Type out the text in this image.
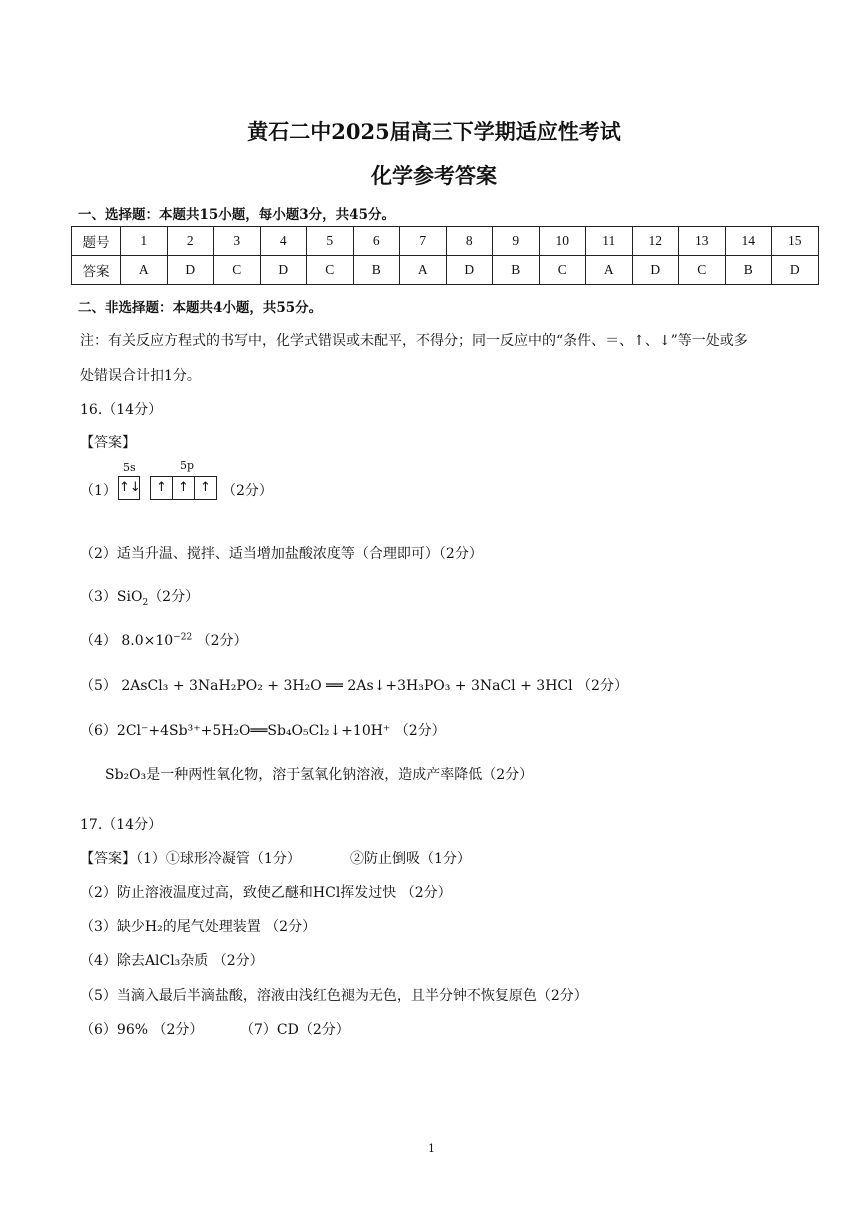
黄石二中2025届高三下学期适应性考试
化学参考答案
一、选择题：本题共15小题，每小题3分，共45分。
题号	1	2	3	4	5	6	7	8	9	10	11	12	13	14	15
答案	A	D	C	D	C	B	A	D	B	C	A	D	C	B	D
二、非选择题：本题共4小题，共55分。
注：有关反应方程式的书写中，化学式错误或未配平，不得分；同一反应中的“条件、＝、↑、↓”等一处或多
处错误合计扣1分。
16.（14分）
【答案】
（1）
5s	5p
↑↓	↑ ↑ ↑ （2分）
（2）适当升温、搅拌、适当增加盐酸浓度等（合理即可）（2分）
（3）SiO$_2$（2分）
（4） $8.0\times 10^{-22}$ （2分）
（5） 2AsCl₃ + 3NaH₂PO₂ + 3H₂O ══ 2As↓+3H₃PO₃ + 3NaCl + 3HCl （2分）
（6）2Cl⁻+4Sb³⁺+5H₂O══Sb₄O₅Cl₂↓+10H⁺ （2分）
Sb₂O₃是一种两性氧化物，溶于氢氧化钠溶液，造成产率降低（2分）
17.（14分）
【答案】（1）①球形冷凝管（1分）	②防止倒吸（1分）
（2）防止溶液温度过高，致使乙醚和HCl挥发过快 （2分）
（3）缺少H₂的尾气处理装置 （2分）
（4）除去AlCl₃杂质 （2分）
（5）当滴入最后半滴盐酸，溶液由浅红色褪为无色，且半分钟不恢复原色（2分）
（6）96% （2分）	（7）CD（2分）
1
